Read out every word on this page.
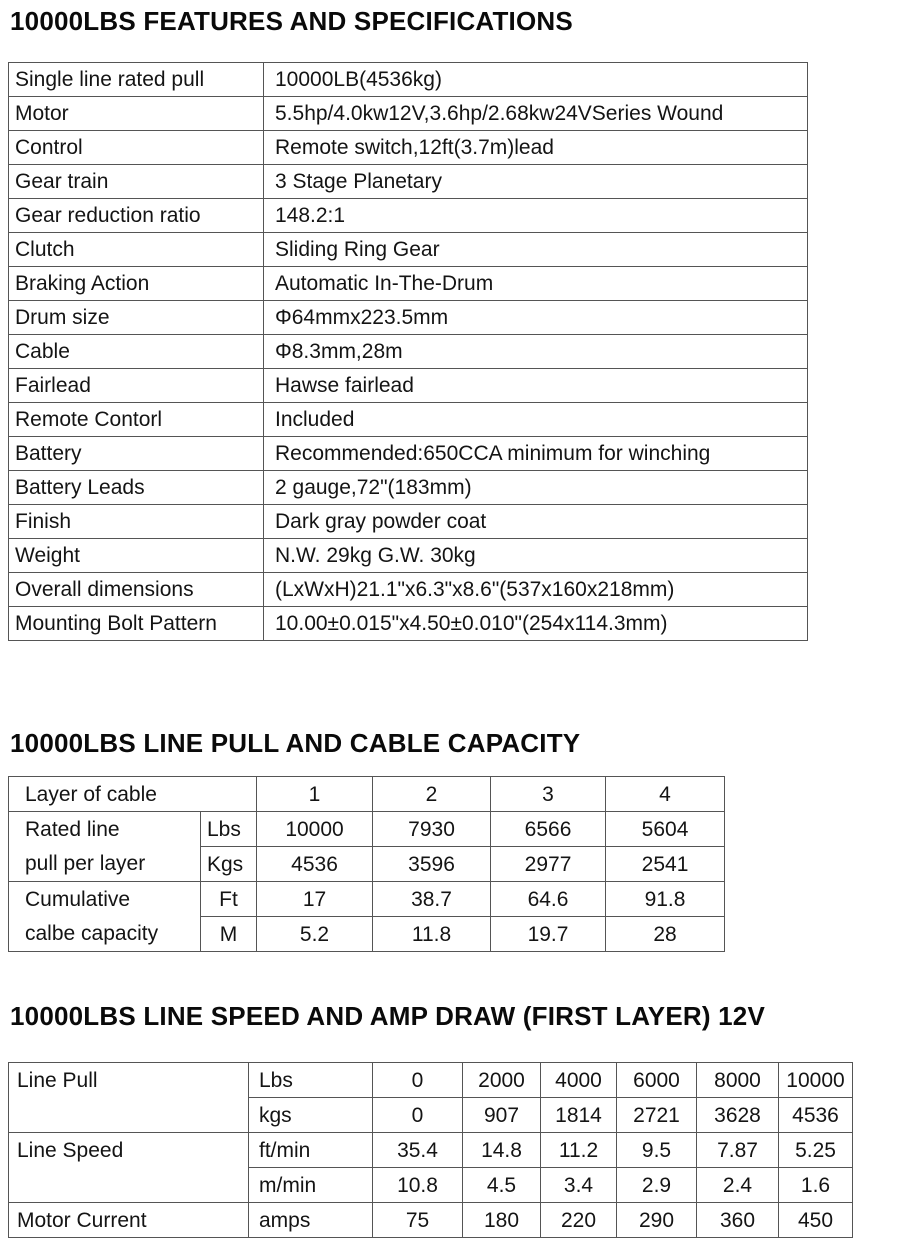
10000LBS FEATURES AND SPECIFICATIONS
Single line rated pull	10000LB(4536kg)
Motor	5.5hp/4.0kw12V,3.6hp/2.68kw24VSeries Wound
Control	Remote switch,12ft(3.7m)lead
Gear train	3 Stage Planetary
Gear reduction ratio	148.2:1
Clutch	Sliding Ring Gear
Braking Action	Automatic In-The-Drum
Drum size	Φ64mmx223.5mm
Cable	Φ8.3mm,28m
Fairlead	Hawse fairlead
Remote Contorl	Included
Battery	Recommended:650CCA minimum for winching
Battery Leads	2 gauge,72"(183mm)
Finish	Dark gray powder coat
Weight	N.W. 29kg G.W. 30kg
Overall dimensions	(LxWxH)21.1"x6.3"x8.6"(537x160x218mm)
Mounting Bolt Pattern	10.00±0.015"x4.50±0.010"(254x114.3mm)
10000LBS LINE PULL AND CABLE CAPACITY
Layer of cable		1	2	3	4
Rated line	Lbs	10000	7930	6566	5604
pull per layer	Kgs	4536	3596	2977	2541
Cumulative	Ft	17	38.7	64.6	91.8
calbe capacity	M	5.2	11.8	19.7	28
10000LBS LINE SPEED AND AMP DRAW (FIRST LAYER) 12V
Line Pull	Lbs	0	2000	4000	6000	8000	10000
	kgs	0	907	1814	2721	3628	4536
Line Speed	ft/min	35.4	14.8	11.2	9.5	7.87	5.25
	m/min	10.8	4.5	3.4	2.9	2.4	1.6
Motor Current	amps	75	180	220	290	360	450
